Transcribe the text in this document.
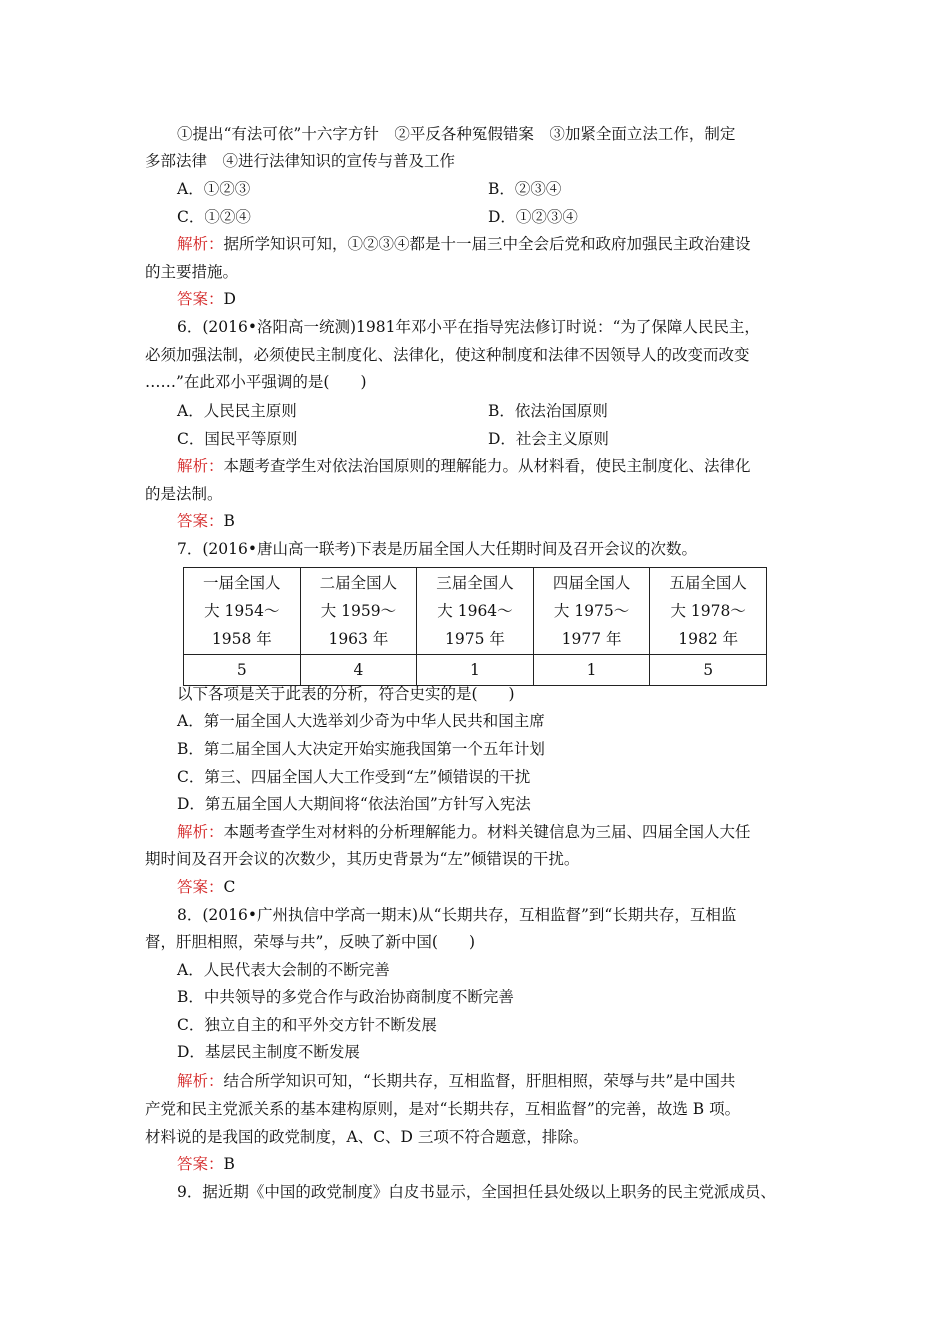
①提出“有法可依”十六字方针　②平反各种冤假错案　③加紧全面立法工作，制定
多部法律　④进行法律知识的宣传与普及工作
A．①②③	B．②③④
C．①②④	D．①②③④
解析：据所学知识可知，①②③④都是十一届三中全会后党和政府加强民主政治建设
的主要措施。
答案：D
6．(2016•洛阳高一统测)1981年邓小平在指导宪法修订时说：“为了保障人民民主，
必须加强法制，必须使民主制度化、法律化，使这种制度和法律不因领导人的改变而改变
……”在此邓小平强调的是(　　)
A．人民民主原则	B．依法治国原则
C．国民平等原则	D．社会主义原则
解析：本题考查学生对依法治国原则的理解能力。从材料看，使民主制度化、法律化
的是法制。
答案：B
7．(2016•唐山高一联考)下表是历届全国人大任期时间及召开会议的次数。
一届全国人
大 1954～
1958 年	二届全国人
大 1959～
1963 年	三届全国人
大 1964～
1975 年	四届全国人
大 1975～
1977 年	五届全国人
大 1978～
1982 年
5	4	1	1	5
以下各项是关于此表的分析，符合史实的是(　　)
A．第一届全国人大选举刘少奇为中华人民共和国主席
B．第二届全国人大决定开始实施我国第一个五年计划
C．第三、四届全国人大工作受到“左”倾错误的干扰
D．第五届全国人大期间将“依法治国”方针写入宪法
解析：本题考查学生对材料的分析理解能力。材料关键信息为三届、四届全国人大任
期时间及召开会议的次数少，其历史背景为“左”倾错误的干扰。
答案：C
8．(2016•广州执信中学高一期末)从“长期共存，互相监督”到“长期共存，互相监
督，肝胆相照，荣辱与共”，反映了新中国(　　)
A．人民代表大会制的不断完善
B．中共领导的多党合作与政治协商制度不断完善
C．独立自主的和平外交方针不断发展
D．基层民主制度不断发展
解析：结合所学知识可知，“长期共存，互相监督，肝胆相照，荣辱与共”是中国共
产党和民主党派关系的基本建构原则，是对“长期共存，互相监督”的完善，故选 B 项。
材料说的是我国的政党制度，A、C、D 三项不符合题意，排除。
答案：B
9．据近期《中国的政党制度》白皮书显示，全国担任县处级以上职务的民主党派成员、
